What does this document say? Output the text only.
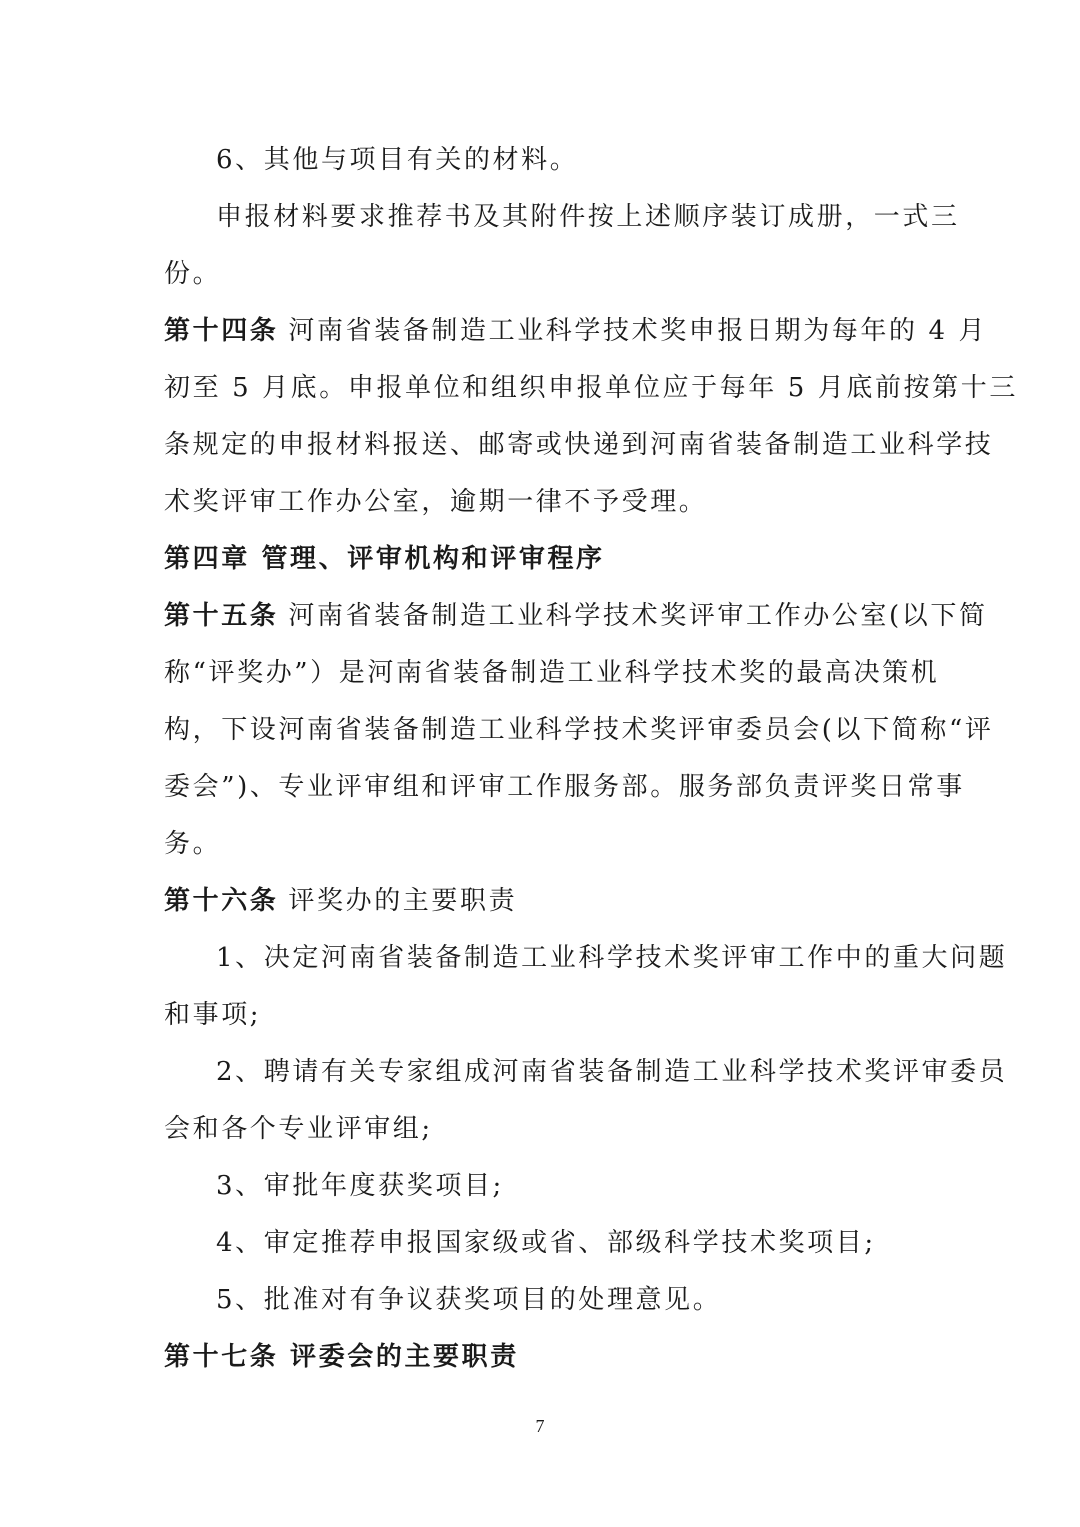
6、其他与项目有关的材料。
申报材料要求推荐书及其附件按上述顺序装订成册，一式三
份。
第十四条 河南省装备制造工业科学技术奖申报日期为每年的 4 月
初至 5 月底。申报单位和组织申报单位应于每年 5 月底前按第十三
条规定的申报材料报送、邮寄或快递到河南省装备制造工业科学技
术奖评审工作办公室，逾期一律不予受理。
第四章 管理、评审机构和评审程序
第十五条 河南省装备制造工业科学技术奖评审工作办公室(以下简
称“评奖办”）是河南省装备制造工业科学技术奖的最高决策机
构，下设河南省装备制造工业科学技术奖评审委员会(以下简称“评
委会”)、专业评审组和评审工作服务部。服务部负责评奖日常事
务。
第十六条 评奖办的主要职责
1、决定河南省装备制造工业科学技术奖评审工作中的重大问题
和事项;
2、聘请有关专家组成河南省装备制造工业科学技术奖评审委员
会和各个专业评审组;
3、审批年度获奖项目;
4、审定推荐申报国家级或省、部级科学技术奖项目;
5、批准对有争议获奖项目的处理意见。
第十七条 评委会的主要职责
7
